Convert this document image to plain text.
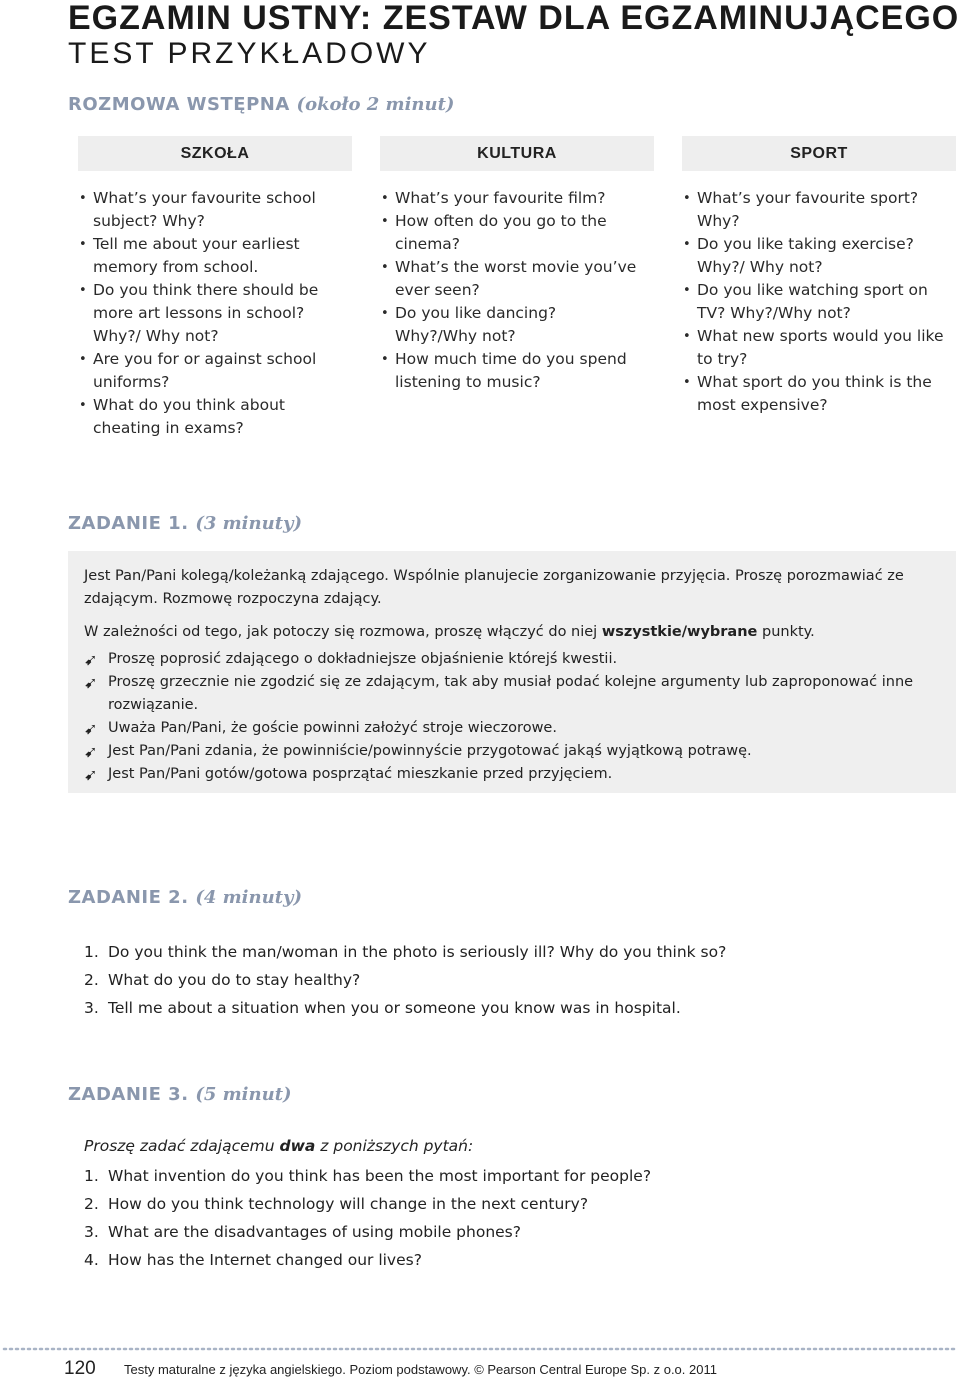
EGZAMIN USTNY: ZESTAW DLA EGZAMINUJĄCEGO
TEST PRZYKŁADOWY
ROZMOWA WSTĘPNA (około 2 minut)
SZKOŁA	KULTURA	SPORT
• What’s your favourite school subject? Why?
• Tell me about your earliest memory from school.
• Do you think there should be more art lessons in school? Why?/ Why not?
• Are you for or against school uniforms?
• What do you think about cheating in exams?
• What’s your favourite film?
• How often do you go to the cinema?
• What’s the worst movie you’ve ever seen?
• Do you like dancing? Why?/Why not?
• How much time do you spend listening to music?
• What’s your favourite sport? Why?
• Do you like taking exercise? Why?/ Why not?
• Do you like watching sport on TV? Why?/Why not?
• What new sports would you like to try?
• What sport do you think is the most expensive?
ZADANIE 1. (3 minuty)
Jest Pan/Pani kolegą/koleżanką zdającego. Wspólnie planujecie zorganizowanie przyjęcia. Proszę porozmawiać ze zdającym. Rozmowę rozpoczyna zdający.
W zależności od tego, jak potoczy się rozmowa, proszę włączyć do niej wszystkie/wybrane punkty.
➹ Proszę poprosić zdającego o dokładniejsze objaśnienie którejś kwestii.
➹ Proszę grzecznie nie zgodzić się ze zdającym, tak aby musiał podać kolejne argumenty lub zaproponować inne rozwiązanie.
➹ Uważa Pan/Pani, że goście powinni założyć stroje wieczorowe.
➹ Jest Pan/Pani zdania, że powinniście/powinnyście przygotować jakąś wyjątkową potrawę.
➹ Jest Pan/Pani gotów/gotowa posprzątać mieszkanie przed przyjęciem.
ZADANIE 2. (4 minuty)
1. Do you think the man/woman in the photo is seriously ill? Why do you think so?
2. What do you do to stay healthy?
3. Tell me about a situation when you or someone you know was in hospital.
ZADANIE 3. (5 minut)
Proszę zadać zdającemu dwa z poniższych pytań:
1. What invention do you think has been the most important for people?
2. How do you think technology will change in the next century?
3. What are the disadvantages of using mobile phones?
4. How has the Internet changed our lives?
120 Testy maturalne z języka angielskiego. Poziom podstawowy. © Pearson Central Europe Sp. z o.o. 2011
